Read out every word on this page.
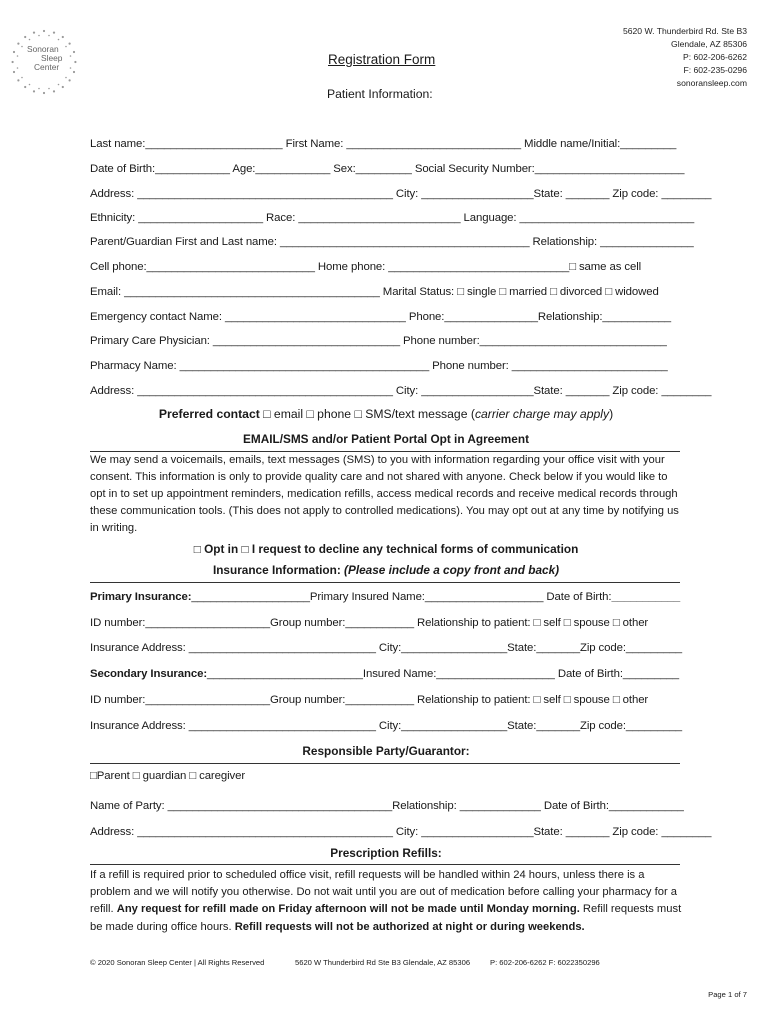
Sonoran
Sleep
Center
5620 W. Thunderbird Rd. Ste B3
Glendale, AZ 85306
P: 602-206-6262
F: 602-235-0296
sonoransleep.com
Registration Form
Patient Information:
Last name:______________________ First Name: ____________________________ Middle name/Initial:_________
Date of Birth:____________ Age:____________ Sex:_________ Social Security Number:________________________
Address: _________________________________________ City: __________________State: _______ Zip code: ________
Ethnicity: ____________________ Race: __________________________ Language: ____________________________
Parent/Guardian First and Last name: ________________________________________ Relationship: _______________
Cell phone:___________________________ Home phone: _____________________________□ same as cell
Email: _________________________________________ Marital Status: □ single □ married □ divorced □ widowed
Emergency contact Name: _____________________________ Phone:_______________Relationship:___________
Primary Care Physician: ______________________________ Phone number:______________________________
Pharmacy Name: ________________________________________ Phone number: _________________________
Address: _________________________________________ City: __________________State: _______ Zip code: ________
Preferred contact □ email □ phone □ SMS/text message (carrier charge may apply)
EMAIL/SMS and/or Patient Portal Opt in Agreement
We may send a voicemails, emails, text messages (SMS) to you with information regarding your office visit with your consent. This information is only to provide quality care and not shared with anyone. Check below if you would like to opt in to set up appointment reminders, medication refills, access medical records and receive medical records through these communication tools. (This does not apply to controlled medications). You may opt out at any time by notifying us in writing.
□ Opt in □ I request to decline any technical forms of communication
Insurance Information: (Please include a copy front and back)
Primary Insurance:___________________Primary Insured Name:___________________ Date of Birth:___________
ID number:____________________Group number:___________ Relationship to patient: □ self □ spouse □ other
Insurance Address: ______________________________ City:_________________State:_______Zip code:_________
Secondary Insurance:_________________________Insured Name:___________________ Date of Birth:_________
ID number:____________________Group number:___________ Relationship to patient: □ self □ spouse □ other
Insurance Address: ______________________________ City:_________________State:_______Zip code:_________
Responsible Party/Guarantor:
□Parent □ guardian □ caregiver
Name of Party: ____________________________________Relationship: _____________ Date of Birth:____________
Address: _________________________________________ City: __________________State: _______ Zip code: ________
Prescription Refills:
If a refill is required prior to scheduled office visit, refill requests will be handled within 24 hours, unless there is a problem and we will notify you otherwise. Do not wait until you are out of medication before calling your pharmacy for a refill. Any request for refill made on Friday afternoon will not be made until Monday morning. Refill requests must be made during office hours. Refill requests will not be authorized at night or during weekends.
© 2020 Sonoran Sleep Center | All Rights Reserved	5620 W Thunderbird Rd Ste B3 Glendale, AZ 85306	P: 602-206-6262 F: 6022350296
Page 1 of 7
